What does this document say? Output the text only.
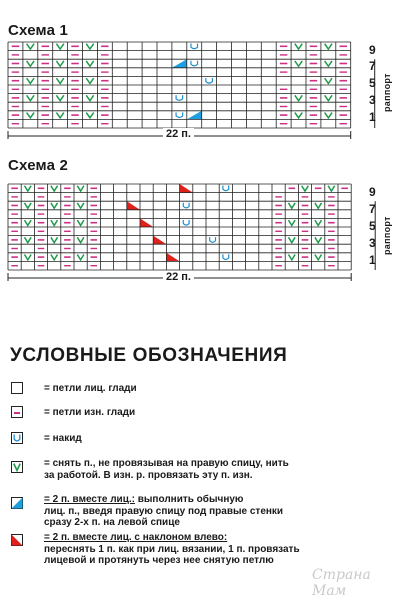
Схема 1
9
7
5
3
1
раппорт
22 п.
Схема 2
9
7
5
3
1
раппорт
22 п.
УСЛОВНЫЕ ОБОЗНАЧЕНИЯ
= петли лиц. глади
= петли изн. глади
= накид
= снять п., не провязывая на правую спицу, нить
за работой. В изн. р. провязать эту п. изн.
= 2 п. вместе лиц.: выполнить обычную
лиц. п., введя правую спицу под правые стенки
сразу 2-х п. на левой спице
= 2 п. вместе лиц. с наклоном влево:
переснять 1 п. как при лиц. вязании, 1 п. провязать
лицевой и протянуть через нее снятую петлю
Страна Мам
